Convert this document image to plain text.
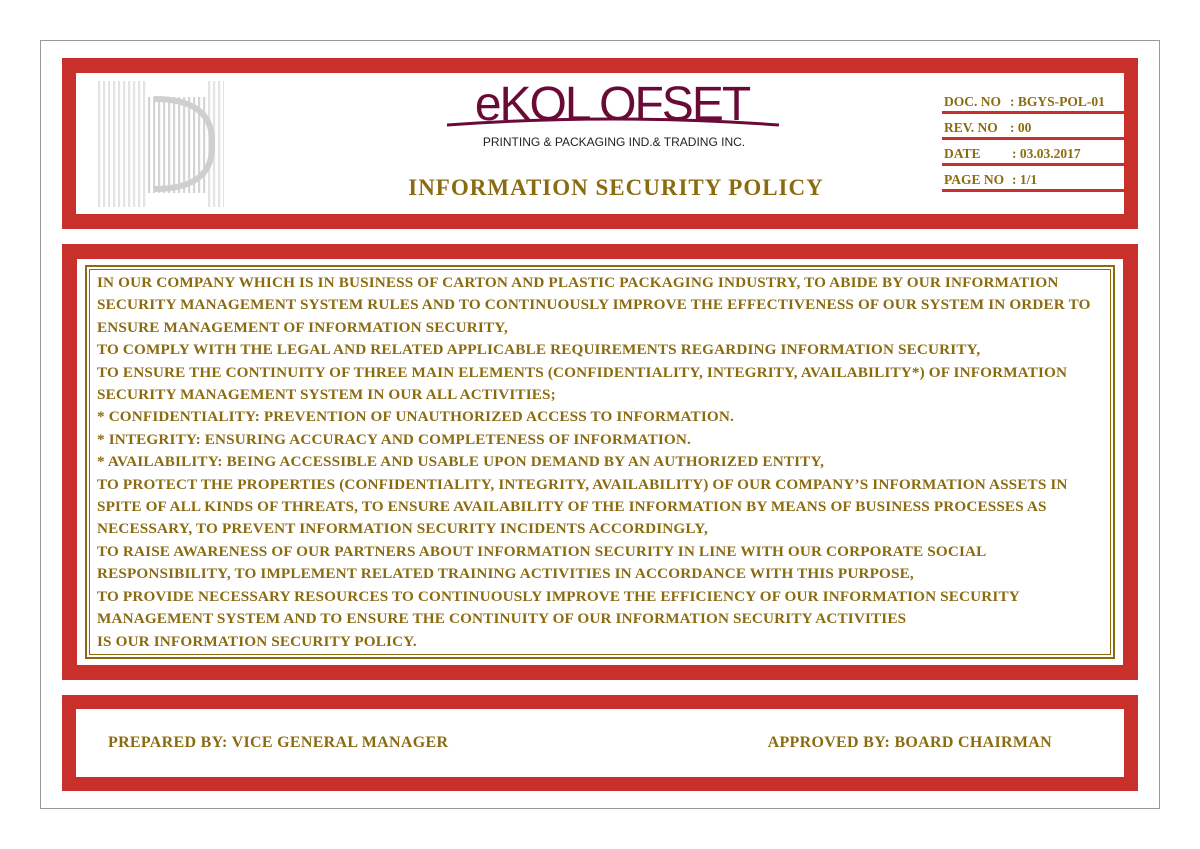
eKOL OFSET
PRINTING & PACKAGING IND.& TRADING INC.
INFORMATION SECURITY POLICY
DOC. NO : BGYS-POL-01
REV. NO : 00
DATE : 03.03.2017
PAGE NO : 1/1

IN OUR COMPANY WHICH IS IN BUSINESS OF CARTON AND PLASTIC PACKAGING INDUSTRY, TO ABIDE BY OUR INFORMATION SECURITY MANAGEMENT SYSTEM RULES AND TO CONTINUOUSLY IMPROVE THE EFFECTIVENESS OF OUR SYSTEM IN ORDER TO ENSURE MANAGEMENT OF INFORMATION SECURITY,

TO COMPLY WITH THE LEGAL AND RELATED APPLICABLE REQUIREMENTS REGARDING INFORMATION SECURITY,

TO ENSURE THE CONTINUITY OF THREE MAIN ELEMENTS (CONFIDENTIALITY, INTEGRITY, AVAILABILITY*) OF INFORMATION SECURITY MANAGEMENT SYSTEM IN OUR ALL ACTIVITIES;

* CONFIDENTIALITY: PREVENTION OF UNAUTHORIZED ACCESS TO INFORMATION.

* INTEGRITY: ENSURING ACCURACY AND COMPLETENESS OF INFORMATION.

* AVAILABILITY: BEING ACCESSIBLE AND USABLE UPON DEMAND BY AN AUTHORIZED ENTITY,

TO PROTECT THE PROPERTIES (CONFIDENTIALITY, INTEGRITY, AVAILABILITY) OF OUR COMPANY’S INFORMATION ASSETS IN SPITE OF ALL KINDS OF THREATS, TO ENSURE AVAILABILITY OF THE INFORMATION BY MEANS OF BUSINESS PROCESSES AS NECESSARY, TO PREVENT INFORMATION SECURITY INCIDENTS ACCORDINGLY,

TO RAISE AWARENESS OF OUR PARTNERS ABOUT INFORMATION SECURITY IN LINE WITH OUR CORPORATE SOCIAL RESPONSIBILITY, TO IMPLEMENT RELATED TRAINING ACTIVITIES IN ACCORDANCE WITH THIS PURPOSE,

TO PROVIDE NECESSARY RESOURCES TO CONTINUOUSLY IMPROVE THE EFFICIENCY OF OUR INFORMATION SECURITY MANAGEMENT SYSTEM AND TO ENSURE THE CONTINUITY OF OUR INFORMATION SECURITY ACTIVITIES

IS OUR INFORMATION SECURITY POLICY.

PREPARED BY: VICE GENERAL MANAGER	APPROVED BY: BOARD CHAIRMAN
